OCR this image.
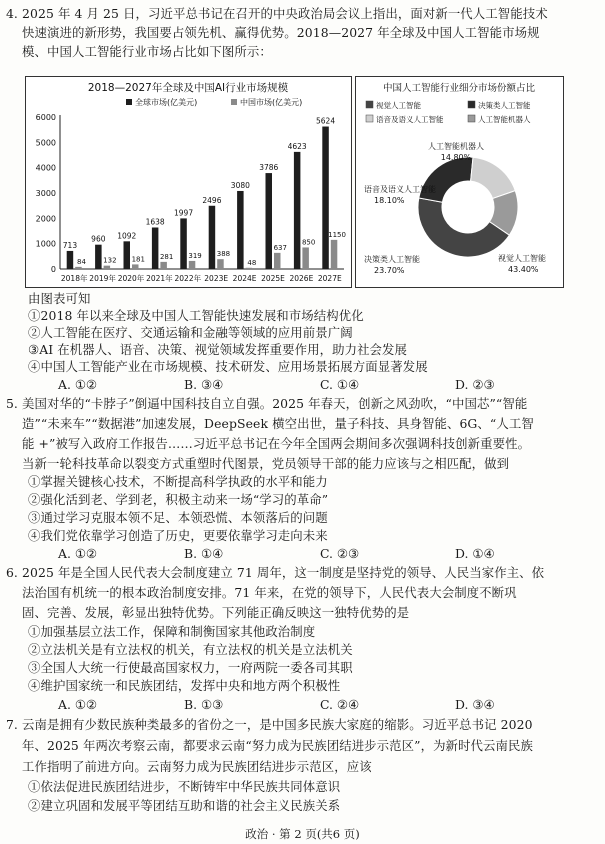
4. 2025 年 4 月 25 日，习近平总书记在召开的中央政治局会议上指出，面对新一代人工智能技术
快速演进的新形势，我国要占领先机、赢得优势。2018—2027 年全球及中国人工智能市场规
模、中国人工智能行业市场占比如下图所示：
2018—2027年全球及中国AI行业市场规模
全球市场(亿美元)	中国市场(亿美元)
0
1000
2000
3000
4000
5000
6000
713
84
2018年
960
132
2019年
1092
181
2020年
1638
281
2021年
1997
319
2022年
2496
388
2023E
3080
48
2024E
3786
637
2025E
4623
850
2026E
5624
1150
2027E
中国人工智能行业细分市场份额占比
视觉人工智能	决策类人工智能
语音及语义人工智能	人工智能机器人
视觉人工智能
43.40%
决策类人工智能
23.70%
语音及语义人工智能
18.10%
人工智能机器人
14.80%
由图表可知
①2018 年以来全球及中国人工智能快速发展和市场结构优化
②人工智能在医疗、交通运输和金融等领域的应用前景广阔
③AI 在机器人、语音、决策、视觉领域发挥重要作用，助力社会发展
④中国人工智能产业在市场规模、技术研发、应用场景拓展方面显著发展
A. ①②	B. ③④	C. ①④	D. ②③
5. 美国对华的“卡脖子”倒逼中国科技自立自强。2025 年春天，创新之风劲吹，“中国芯”“智能
造”“未来车”“数据港”加速发展，DeepSeek 横空出世，量子科技、具身智能、6G、“人工智
能 +”被写入政府工作报告……习近平总书记在今年全国两会期间多次强调科技创新重要性。
当新一轮科技革命以裂变方式重塑时代图景，党员领导干部的能力应该与之相匹配，做到
①掌握关键核心技术，不断提高科学执政的水平和能力
②强化活到老、学到老，积极主动来一场“学习的革命”
③通过学习克服本领不足、本领恐慌、本领落后的问题
④我们党依靠学习创造了历史，更要依靠学习走向未来
A. ①②	B. ①④	C. ②③	D. ①④
6. 2025 年是全国人民代表大会制度建立 71 周年，这一制度是坚持党的领导、人民当家作主、依
法治国有机统一的根本政治制度安排。71 年来，在党的领导下，人民代表大会制度不断巩
固、完善、发展，彰显出独特优势。下列能正确反映这一独特优势的是
①加强基层立法工作，保障和制衡国家其他政治制度
②立法机关是有立法权的机关，有立法权的机关是立法机关
③全国人大统一行使最高国家权力，一府两院一委各司其职
④维护国家统一和民族团结，发挥中央和地方两个积极性
A. ①②	B. ①③	C. ②④	D. ③④
7. 云南是拥有少数民族种类最多的省份之一，是中国多民族大家庭的缩影。习近平总书记 2020
年、2025 年两次考察云南，都要求云南“努力成为民族团结进步示范区”，为新时代云南民族
工作指明了前进方向。云南努力成为民族团结进步示范区，应该
①依法促进民族团结进步，不断铸牢中华民族共同体意识
②建立巩固和发展平等团结互助和谐的社会主义民族关系
政治 · 第 2 页(共6 页)
